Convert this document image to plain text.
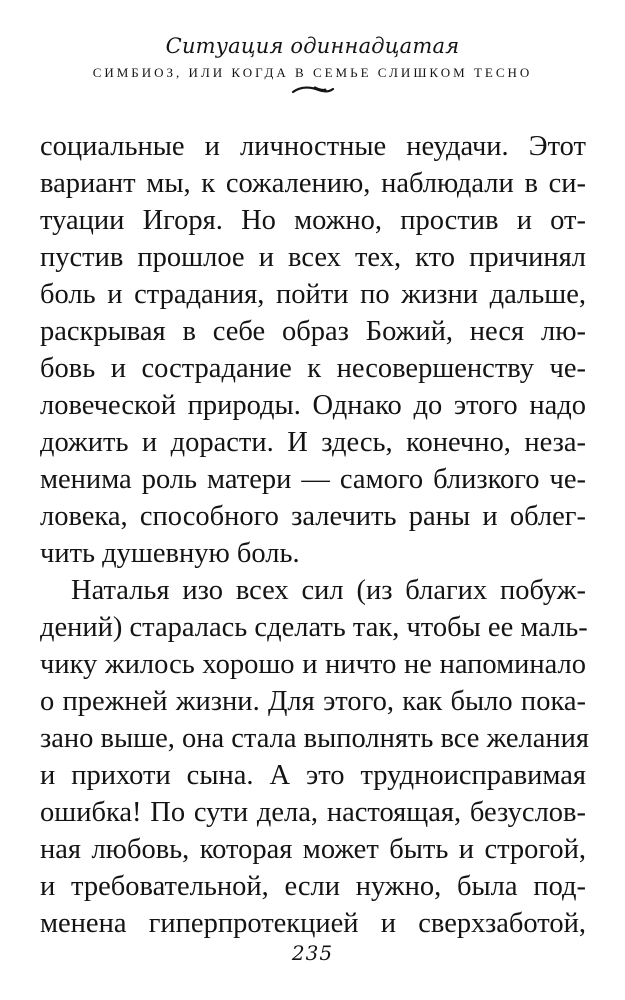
Ситуация одиннадцатая
СИМБИОЗ, ИЛИ КОГДА В СЕМЬЕ СЛИШКОМ ТЕСНО
социальные и личностные неудачи. Этот
вариант мы, к сожалению, наблюдали в си-
туации Игоря. Но можно, простив и от-
пустив прошлое и всех тех, кто причинял
боль и страдания, пойти по жизни дальше,
раскрывая в себе образ Божий, неся лю-
бовь и сострадание к несовершенству че-
ловеческой природы. Однако до этого надо
дожить и дорасти. И здесь, конечно, неза-
менима роль матери — самого близкого че-
ловека, способного залечить раны и облег-
чить душевную боль.
Наталья изо всех сил (из благих побуж-
дений) старалась сделать так, чтобы ее маль-
чику жилось хорошо и ничто не напоминало
о прежней жизни. Для этого, как было пока-
зано выше, она стала выполнять все желания
и прихоти сына. А это трудноисправимая
ошибка! По сути дела, настоящая, безуслов-
ная любовь, которая может быть и строгой,
и требовательной, если нужно, была под-
менена гиперпротекцией и сверхзаботой,
235
